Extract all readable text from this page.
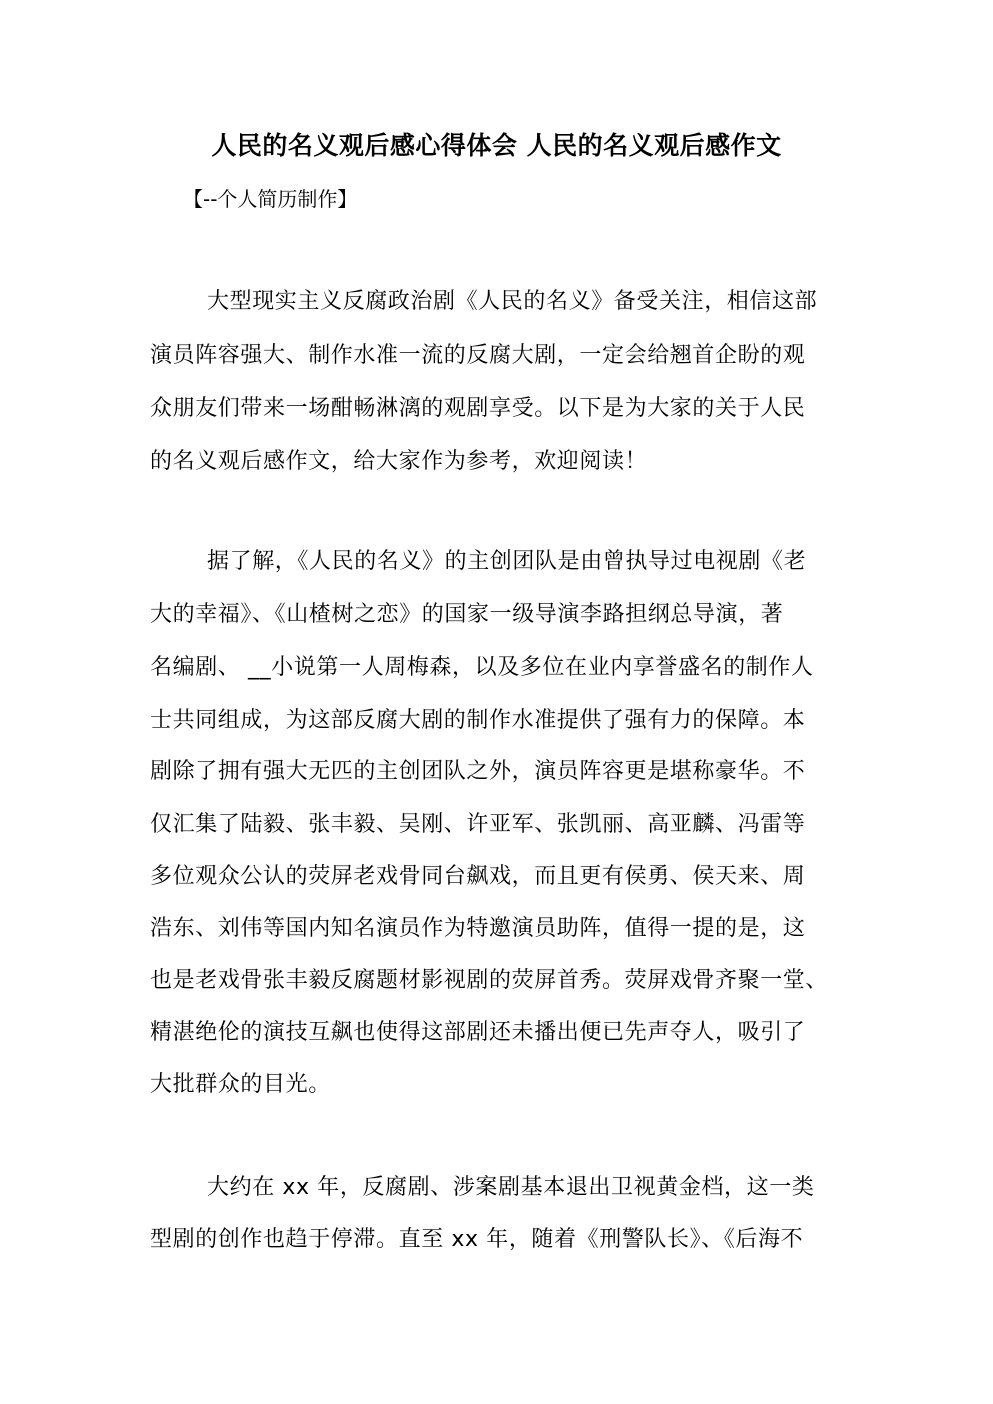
人民的名义观后感心得体会 人民的名义观后感作文
【--个人简历制作】
大型现实主义反腐政治剧《人民的名义》备受关注，相信这部
演员阵容强大、制作水准一流的反腐大剧，一定会给翘首企盼的观
众朋友们带来一场酣畅淋漓的观剧享受。以下是为大家的关于人民
的名义观后感作文，给大家作为参考，欢迎阅读！
据了解，《人民的名义》的主创团队是由曾执导过电视剧《老
大的幸福》、《山楂树之恋》的国家一级导演李路担纲总导演，著
名编剧、 __小说第一人周梅森，以及多位在业内享誉盛名的制作人
士共同组成，为这部反腐大剧的制作水准提供了强有力的保障。本
剧除了拥有强大无匹的主创团队之外，演员阵容更是堪称豪华。不
仅汇集了陆毅、张丰毅、吴刚、许亚军、张凯丽、高亚麟、冯雷等
多位观众公认的荧屏老戏骨同台飙戏，而且更有侯勇、侯天来、周
浩东、刘伟等国内知名演员作为特邀演员助阵，值得一提的是，这
也是老戏骨张丰毅反腐题材影视剧的荧屏首秀。荧屏戏骨齐聚一堂、
精湛绝伦的演技互飙也使得这部剧还未播出便已先声夺人，吸引了
大批群众的目光。
大约在 xx 年，反腐剧、涉案剧基本退出卫视黄金档，这一类
型剧的创作也趋于停滞。直至 xx 年，随着《刑警队长》、《后海不
